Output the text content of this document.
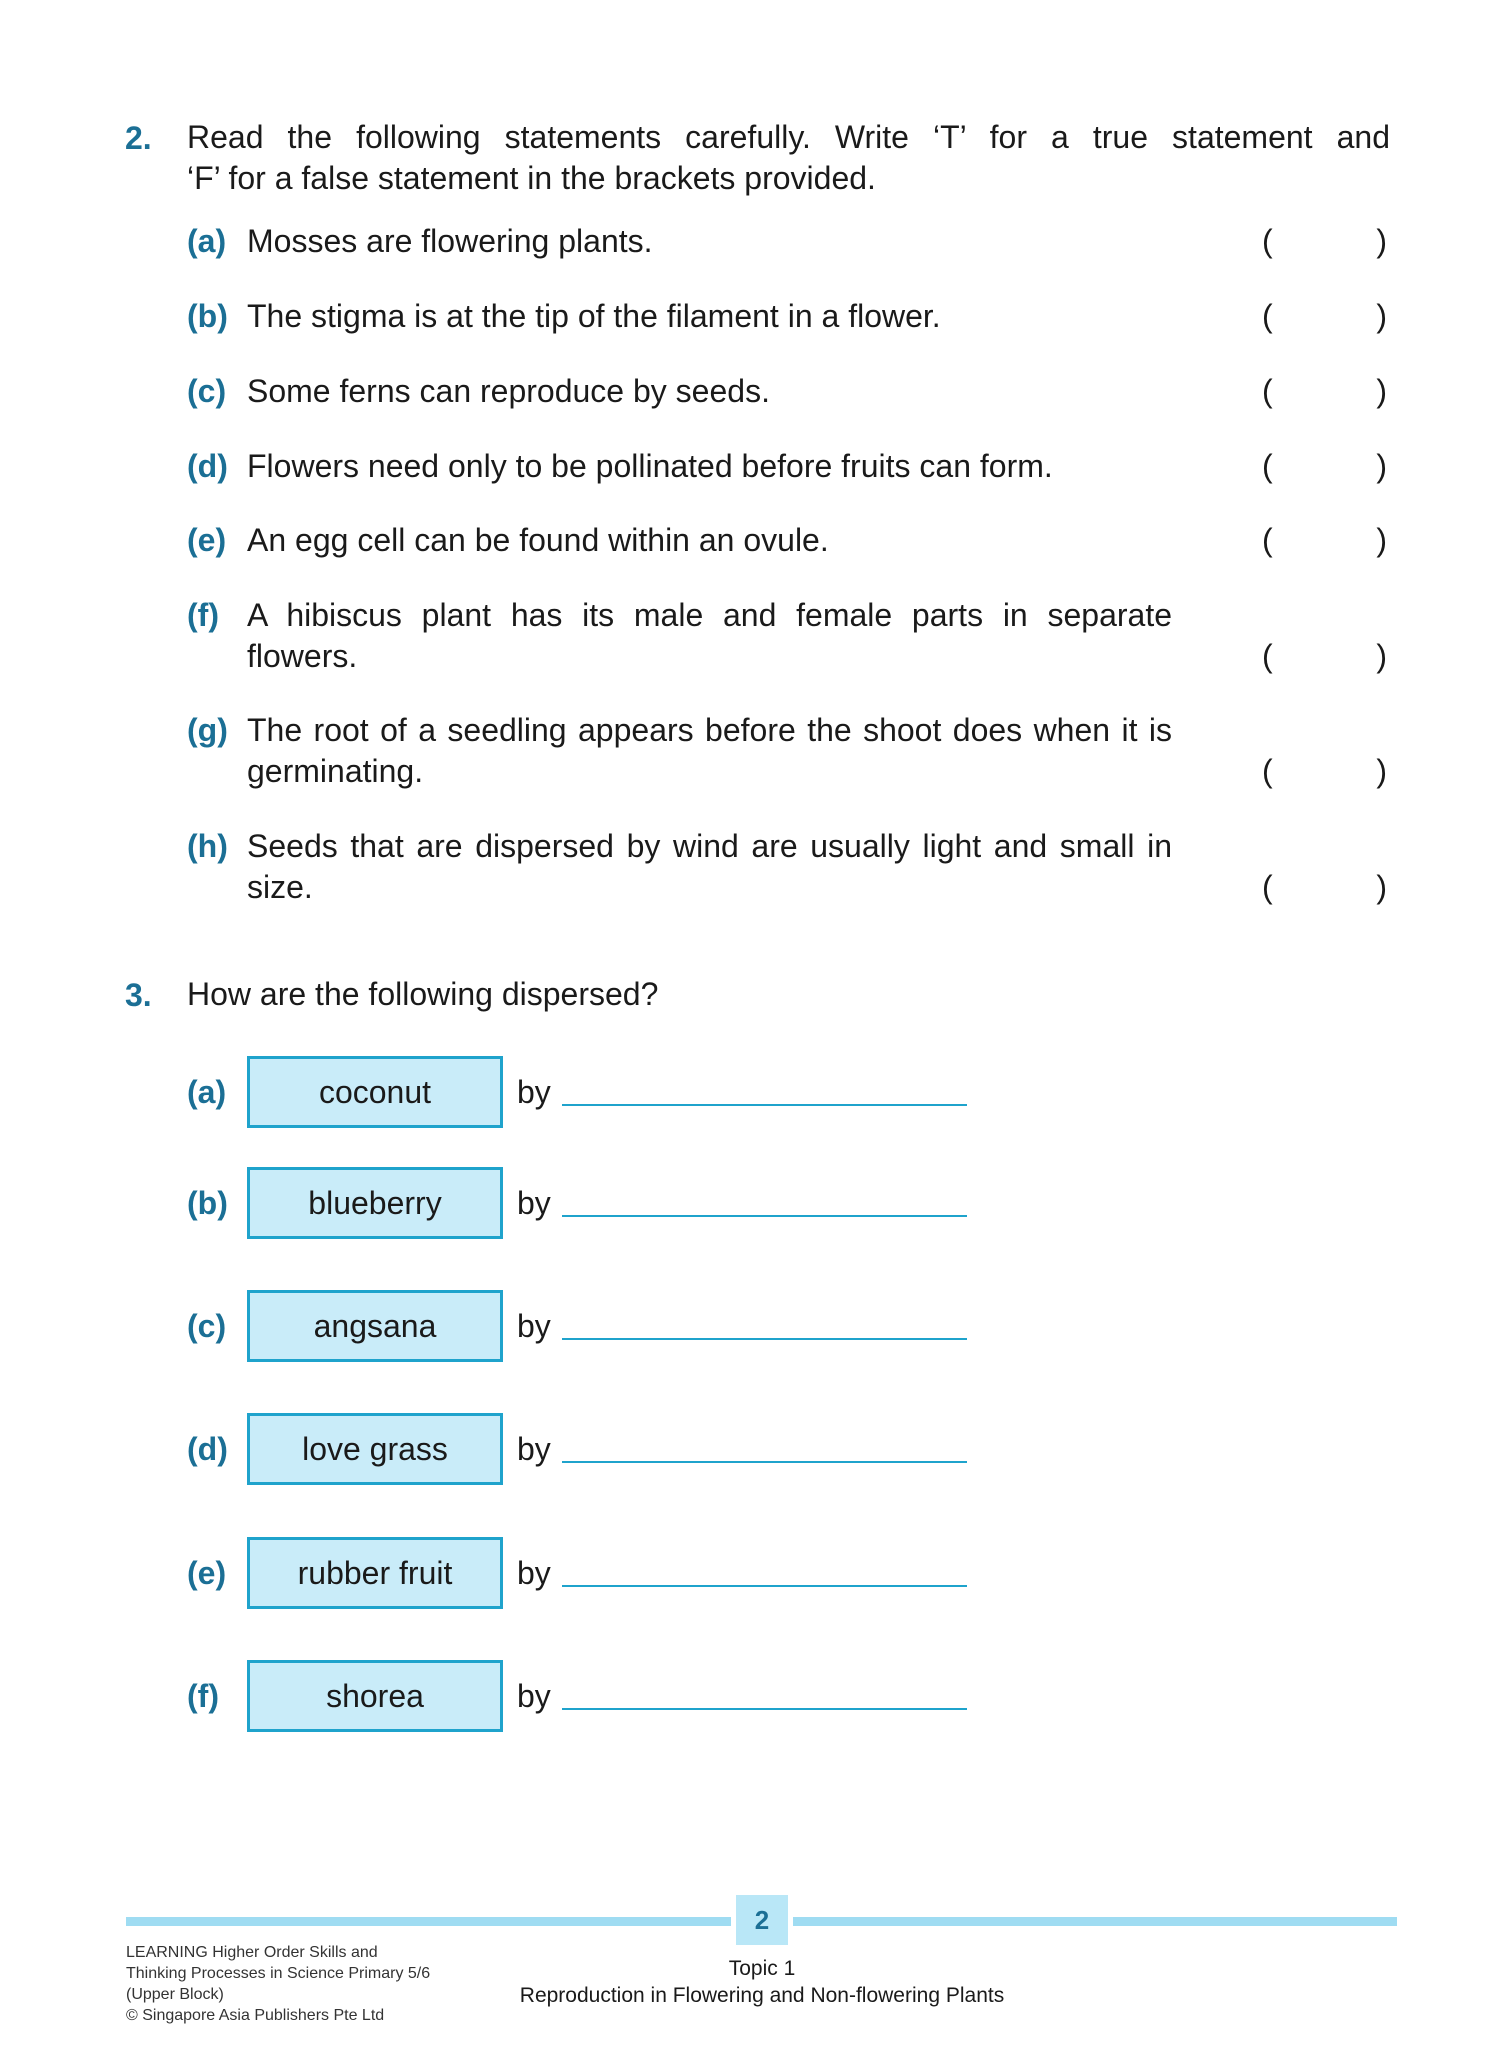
2. Read the following statements carefully. Write ‘T’ for a true statement and
‘F’ for a false statement in the brackets provided.
(a) Mosses are flowering plants.	(	)
(b) The stigma is at the tip of the filament in a flower.	(	)
(c) Some ferns can reproduce by seeds.	(	)
(d) Flowers need only to be pollinated before fruits can form.	(	)
(e) An egg cell can be found within an ovule.	(	)
(f) A hibiscus plant has its male and female parts in separate
flowers.	(	)
(g) The root of a seedling appears before the shoot does when it is
germinating.	(	)
(h) Seeds that are dispersed by wind are usually light and small in
size.	(	)
3. How are the following dispersed?
(a)	coconut	by
(b)	blueberry by
(c)	angsana	by
(d) love grass by
(e) rubber fruit by
(f)	shorea	by
2
LEARNING Higher Order Skills and
Thinking Processes in Science Primary 5/6
(Upper Block)
© Singapore Asia Publishers Pte Ltd
Topic 1
Reproduction in Flowering and Non-flowering Plants
